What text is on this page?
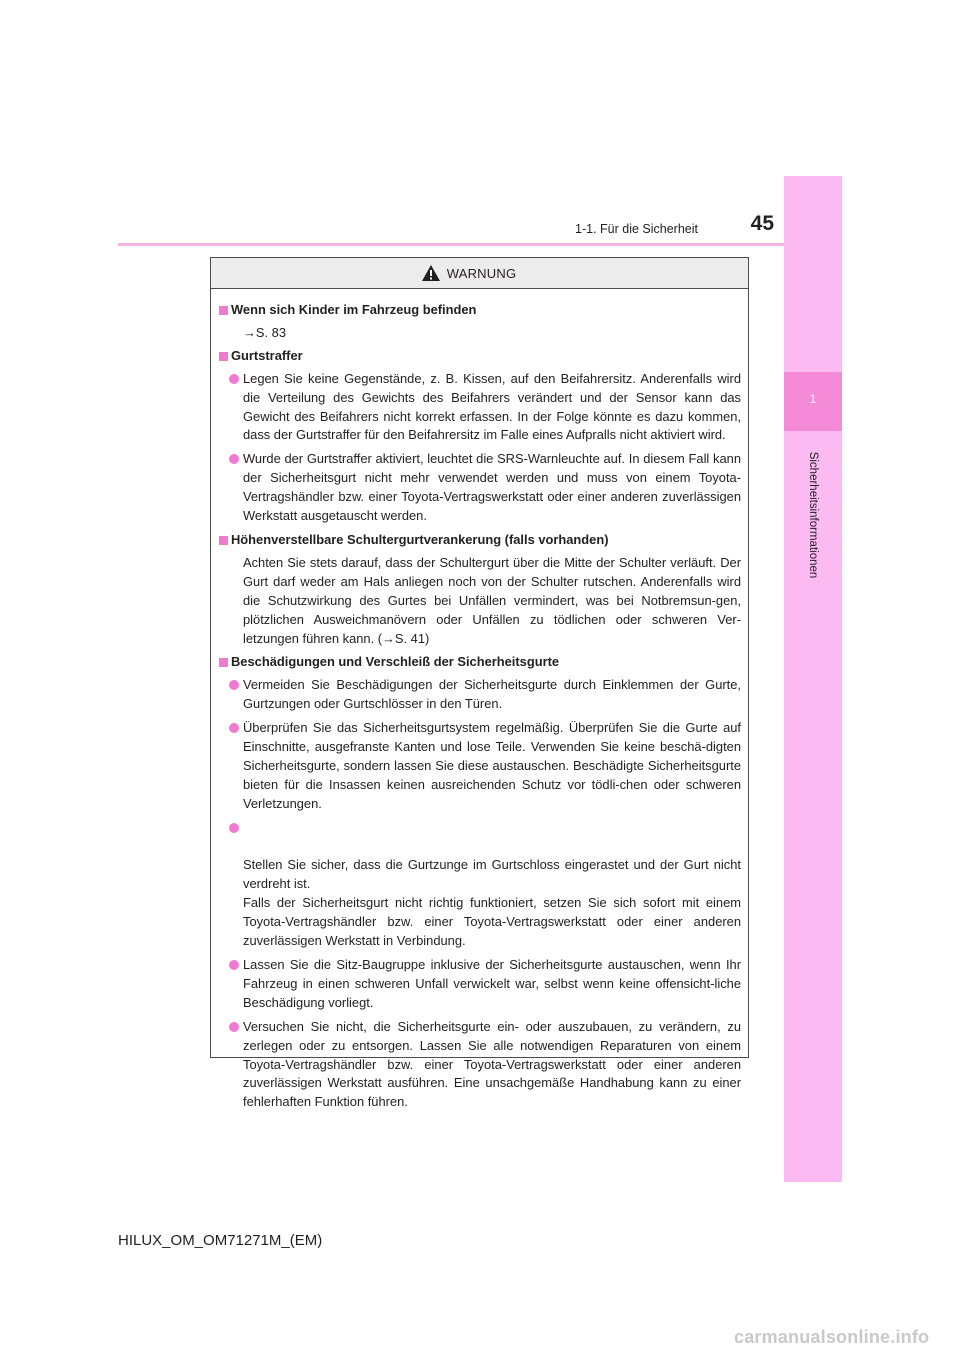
1-1. Für die Sicherheit	45
1
Sicherheitsinformationen
WARNUNG
Wenn sich Kinder im Fahrzeug befinden
→S. 83
Gurtstraffer
Legen Sie keine Gegenstände, z. B. Kissen, auf den Beifahrersitz. Anderenfalls wird die Verteilung des Gewichts des Beifahrers verändert und der Sensor kann das Gewicht des Beifahrers nicht korrekt erfassen. In der Folge könnte es dazu kommen, dass der Gurtstraffer für den Beifahrersitz im Falle eines Aufpralls nicht aktiviert wird.
Wurde der Gurtstraffer aktiviert, leuchtet die SRS-Warnleuchte auf. In diesem Fall kann der Sicherheitsgurt nicht mehr verwendet werden und muss von einem Toyota-Vertragshändler bzw. einer Toyota-Vertragswerkstatt oder einer anderen zuverlässigen Werkstatt ausgetauscht werden.
Höhenverstellbare Schultergurtverankerung (falls vorhanden)
Achten Sie stets darauf, dass der Schultergurt über die Mitte der Schulter verläuft. Der Gurt darf weder am Hals anliegen noch von der Schulter rutschen. Anderenfalls wird die Schutzwirkung des Gurtes bei Unfällen vermindert, was bei Notbremsun-gen, plötzlichen Ausweichmanövern oder Unfällen zu tödlichen oder schweren Ver-letzungen führen kann. (→S. 41)
Beschädigungen und Verschleiß der Sicherheitsgurte
Vermeiden Sie Beschädigungen der Sicherheitsgurte durch Einklemmen der Gurte, Gurtzungen oder Gurtschlösser in den Türen.
Überprüfen Sie das Sicherheitsgurtsystem regelmäßig. Überprüfen Sie die Gurte auf Einschnitte, ausgefranste Kanten und lose Teile. Verwenden Sie keine beschä-digten Sicherheitsgurte, sondern lassen Sie diese austauschen. Beschädigte Sicherheitsgurte bieten für die Insassen keinen ausreichenden Schutz vor tödli-chen oder schweren Verletzungen.

Stellen Sie sicher, dass die Gurtzunge im Gurtschloss eingerastet und der Gurt nicht verdreht ist.
Falls der Sicherheitsgurt nicht richtig funktioniert, setzen Sie sich sofort mit einem Toyota-Vertragshändler bzw. einer Toyota-Vertragswerkstatt oder einer anderen zuverlässigen Werkstatt in Verbindung.

Lassen Sie die Sitz-Baugruppe inklusive der Sicherheitsgurte austauschen, wenn Ihr Fahrzeug in einen schweren Unfall verwickelt war, selbst wenn keine offensicht-liche Beschädigung vorliegt.
Versuchen Sie nicht, die Sicherheitsgurte ein- oder auszubauen, zu verändern, zu zerlegen oder zu entsorgen. Lassen Sie alle notwendigen Reparaturen von einem Toyota-Vertragshändler bzw. einer Toyota-Vertragswerkstatt oder einer anderen zuverlässigen Werkstatt ausführen. Eine unsachgemäße Handhabung kann zu einer fehlerhaften Funktion führen.
HILUX_OM_OM71271M_(EM)
carmanualsonline.info
